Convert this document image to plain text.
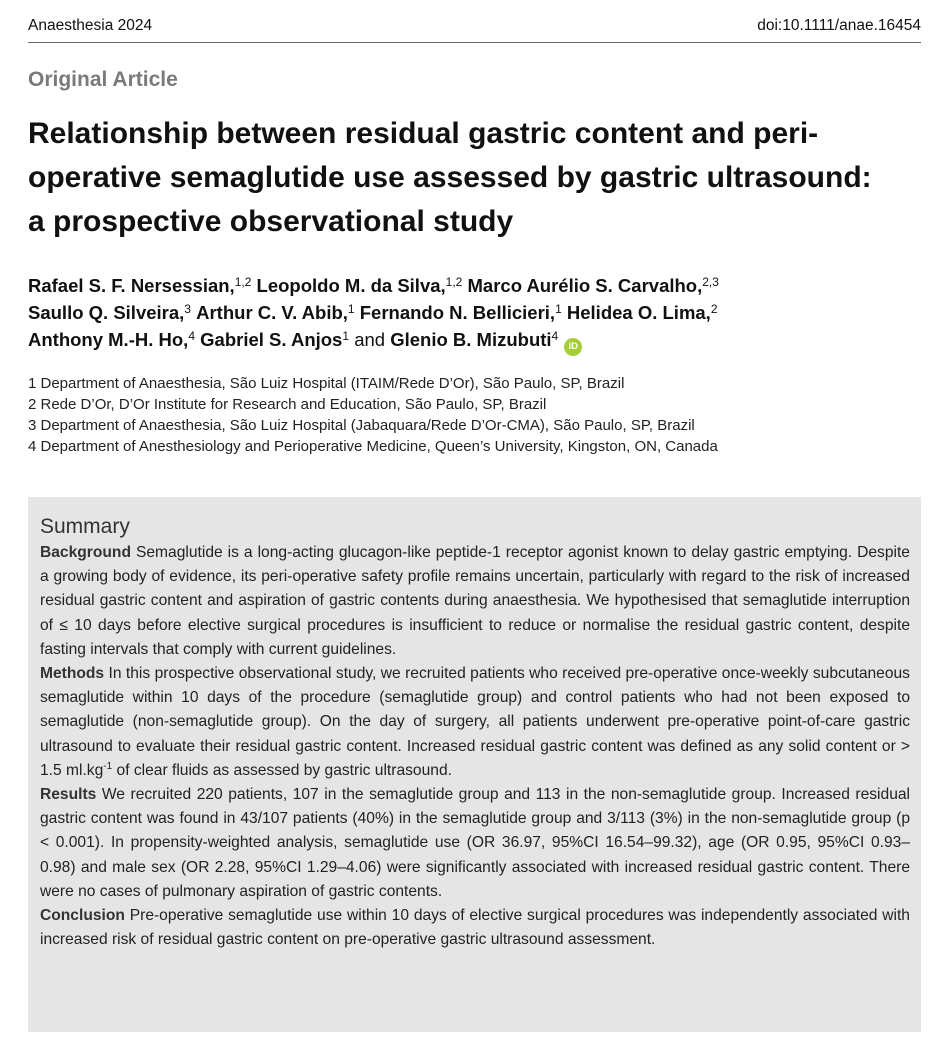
Anaesthesia 2024	doi:10.1111/anae.16454
Original Article
Relationship between residual gastric content and peri-operative semaglutide use assessed by gastric ultrasound: a prospective observational study
Rafael S. F. Nersessian,$^{1,2}$ Leopoldo M. da Silva,$^{1,2}$ Marco Aurélio S. Carvalho,$^{2,3}$
Saullo Q. Silveira,$^3$ Arthur C. V. Abib,$^1$ Fernando N. Bellicieri,$^1$ Helidea O. Lima,$^2$
Anthony M.-H. Ho,$^4$ Gabriel S. Anjos$^1$ and Glenio B. Mizubuti$^4$iD
1 Department of Anaesthesia, São Luiz Hospital (ITAIM/Rede D’Or), São Paulo, SP, Brazil
2 Rede D’Or, D’Or Institute for Research and Education, São Paulo, SP, Brazil
3 Department of Anaesthesia, São Luiz Hospital (Jabaquara/Rede D’Or-CMA), São Paulo, SP, Brazil
4 Department of Anesthesiology and Perioperative Medicine, Queen’s University, Kingston, ON, Canada
Summary

Background Semaglutide is a long-acting glucagon-like peptide-1 receptor agonist known to delay gastric emptying. Despite a growing body of evidence, its peri-operative safety profile remains uncertain, particularly with regard to the risk of increased residual gastric content and aspiration of gastric contents during anaesthesia. We hypothesised that semaglutide interruption of ≤ 10 days before elective surgical procedures is insufficient to reduce or normalise the residual gastric content, despite fasting intervals that comply with current guidelines.

Methods In this prospective observational study, we recruited patients who received pre-operative once-weekly subcutaneous semaglutide within 10 days of the procedure (semaglutide group) and control patients who had not been exposed to semaglutide (non-semaglutide group). On the day of surgery, all patients underwent pre-operative point-of-care gastric ultrasound to evaluate their residual gastric content. Increased residual gastric content was defined as any solid content or > 1.5 $ml.kg^{-1}$ of clear fluids as assessed by gastric ultrasound.

Results We recruited 220 patients, 107 in the semaglutide group and 113 in the non-semaglutide group. Increased residual gastric content was found in 43/107 patients (40%) in the semaglutide group and 3/113 (3%) in the non-semaglutide group (p < 0.001). In propensity-weighted analysis, semaglutide use (OR 36.97, 95%CI 16.54–99.32), age (OR 0.95, 95%CI 0.93–0.98) and male sex (OR 2.28, 95%CI 1.29–4.06) were significantly associated with increased residual gastric content. There were no cases of pulmonary aspiration of gastric contents.

Conclusion Pre-operative semaglutide use within 10 days of elective surgical procedures was independently associated with increased risk of residual gastric content on pre-operative gastric ultrasound assessment.
